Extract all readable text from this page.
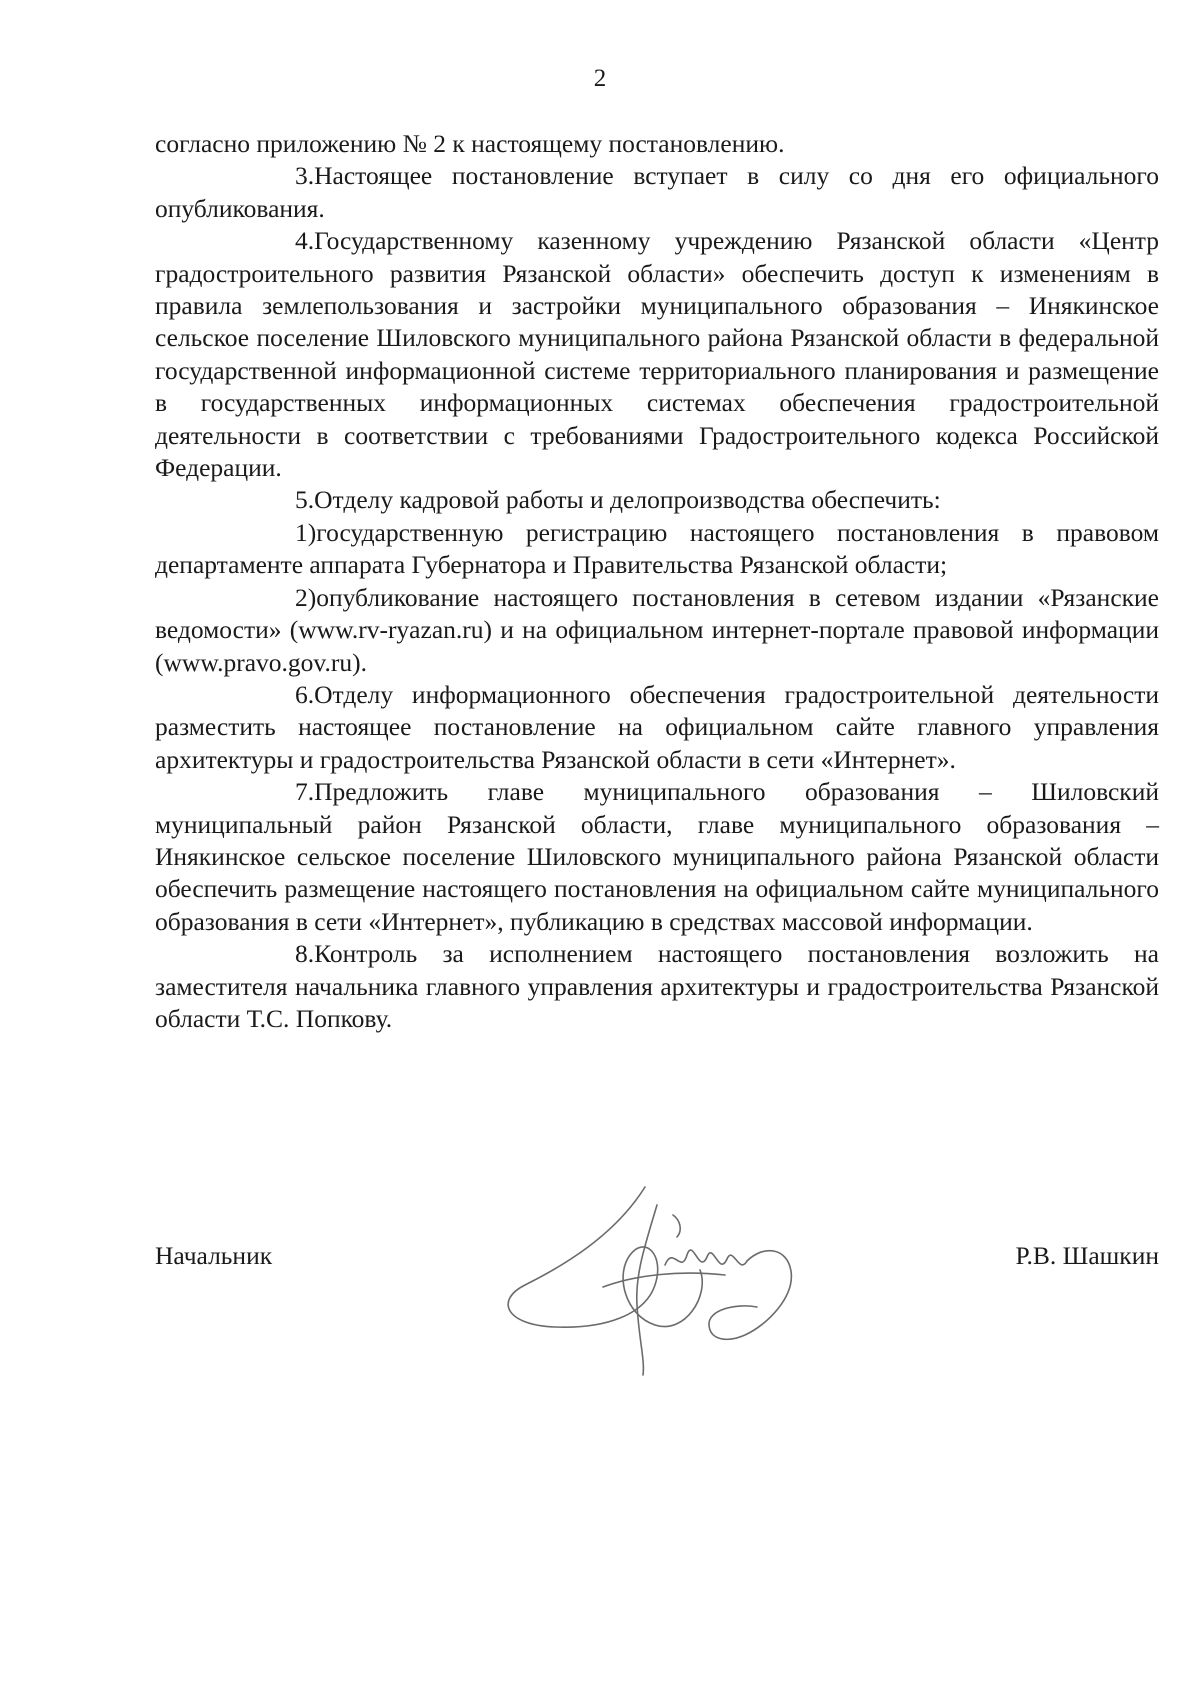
2

согласно приложению № 2 к настоящему постановлению.

3.Настоящее постановление вступает в силу со дня его официального опубликования.

4.Государственному казенному учреждению Рязанской области «Центр градостроительного развития Рязанской области» обеспечить доступ к изменениям в правила землепользования и застройки муниципального образования – Инякинское сельское поселение Шиловского муниципального района Рязанской области в федеральной государственной информационной системе территориального планирования и размещение в государственных информационных системах обеспечения градостроительной деятельности в соответствии с требованиями Градостроительного кодекса Российской Федерации.

5.Отделу кадровой работы и делопроизводства обеспечить:

1)государственную регистрацию настоящего постановления в правовом департаменте аппарата Губернатора и Правительства Рязанской области;

2)опубликование настоящего постановления в сетевом издании «Рязанские ведомости» (www.rv-ryazan.ru) и на официальном интернет-портале правовой информации (www.pravo.gov.ru).

6.Отделу информационного обеспечения градостроительной деятельности разместить настоящее постановление на официальном сайте главного управления архитектуры и градостроительства Рязанской области в сети «Интернет».

7.Предложить главе муниципального образования – Шиловский муниципальный район Рязанской области, главе муниципального образования – Инякинское сельское поселение Шиловского муниципального района Рязанской области обеспечить размещение настоящего постановления на официальном сайте муниципального образования в сети «Интернет», публикацию в средствах массовой информации.

8.Контроль за исполнением настоящего постановления возложить на заместителя начальника главного управления архитектуры и градостроительства Рязанской области Т.С. Попкову.

Начальник	Р.В. Шашкин
